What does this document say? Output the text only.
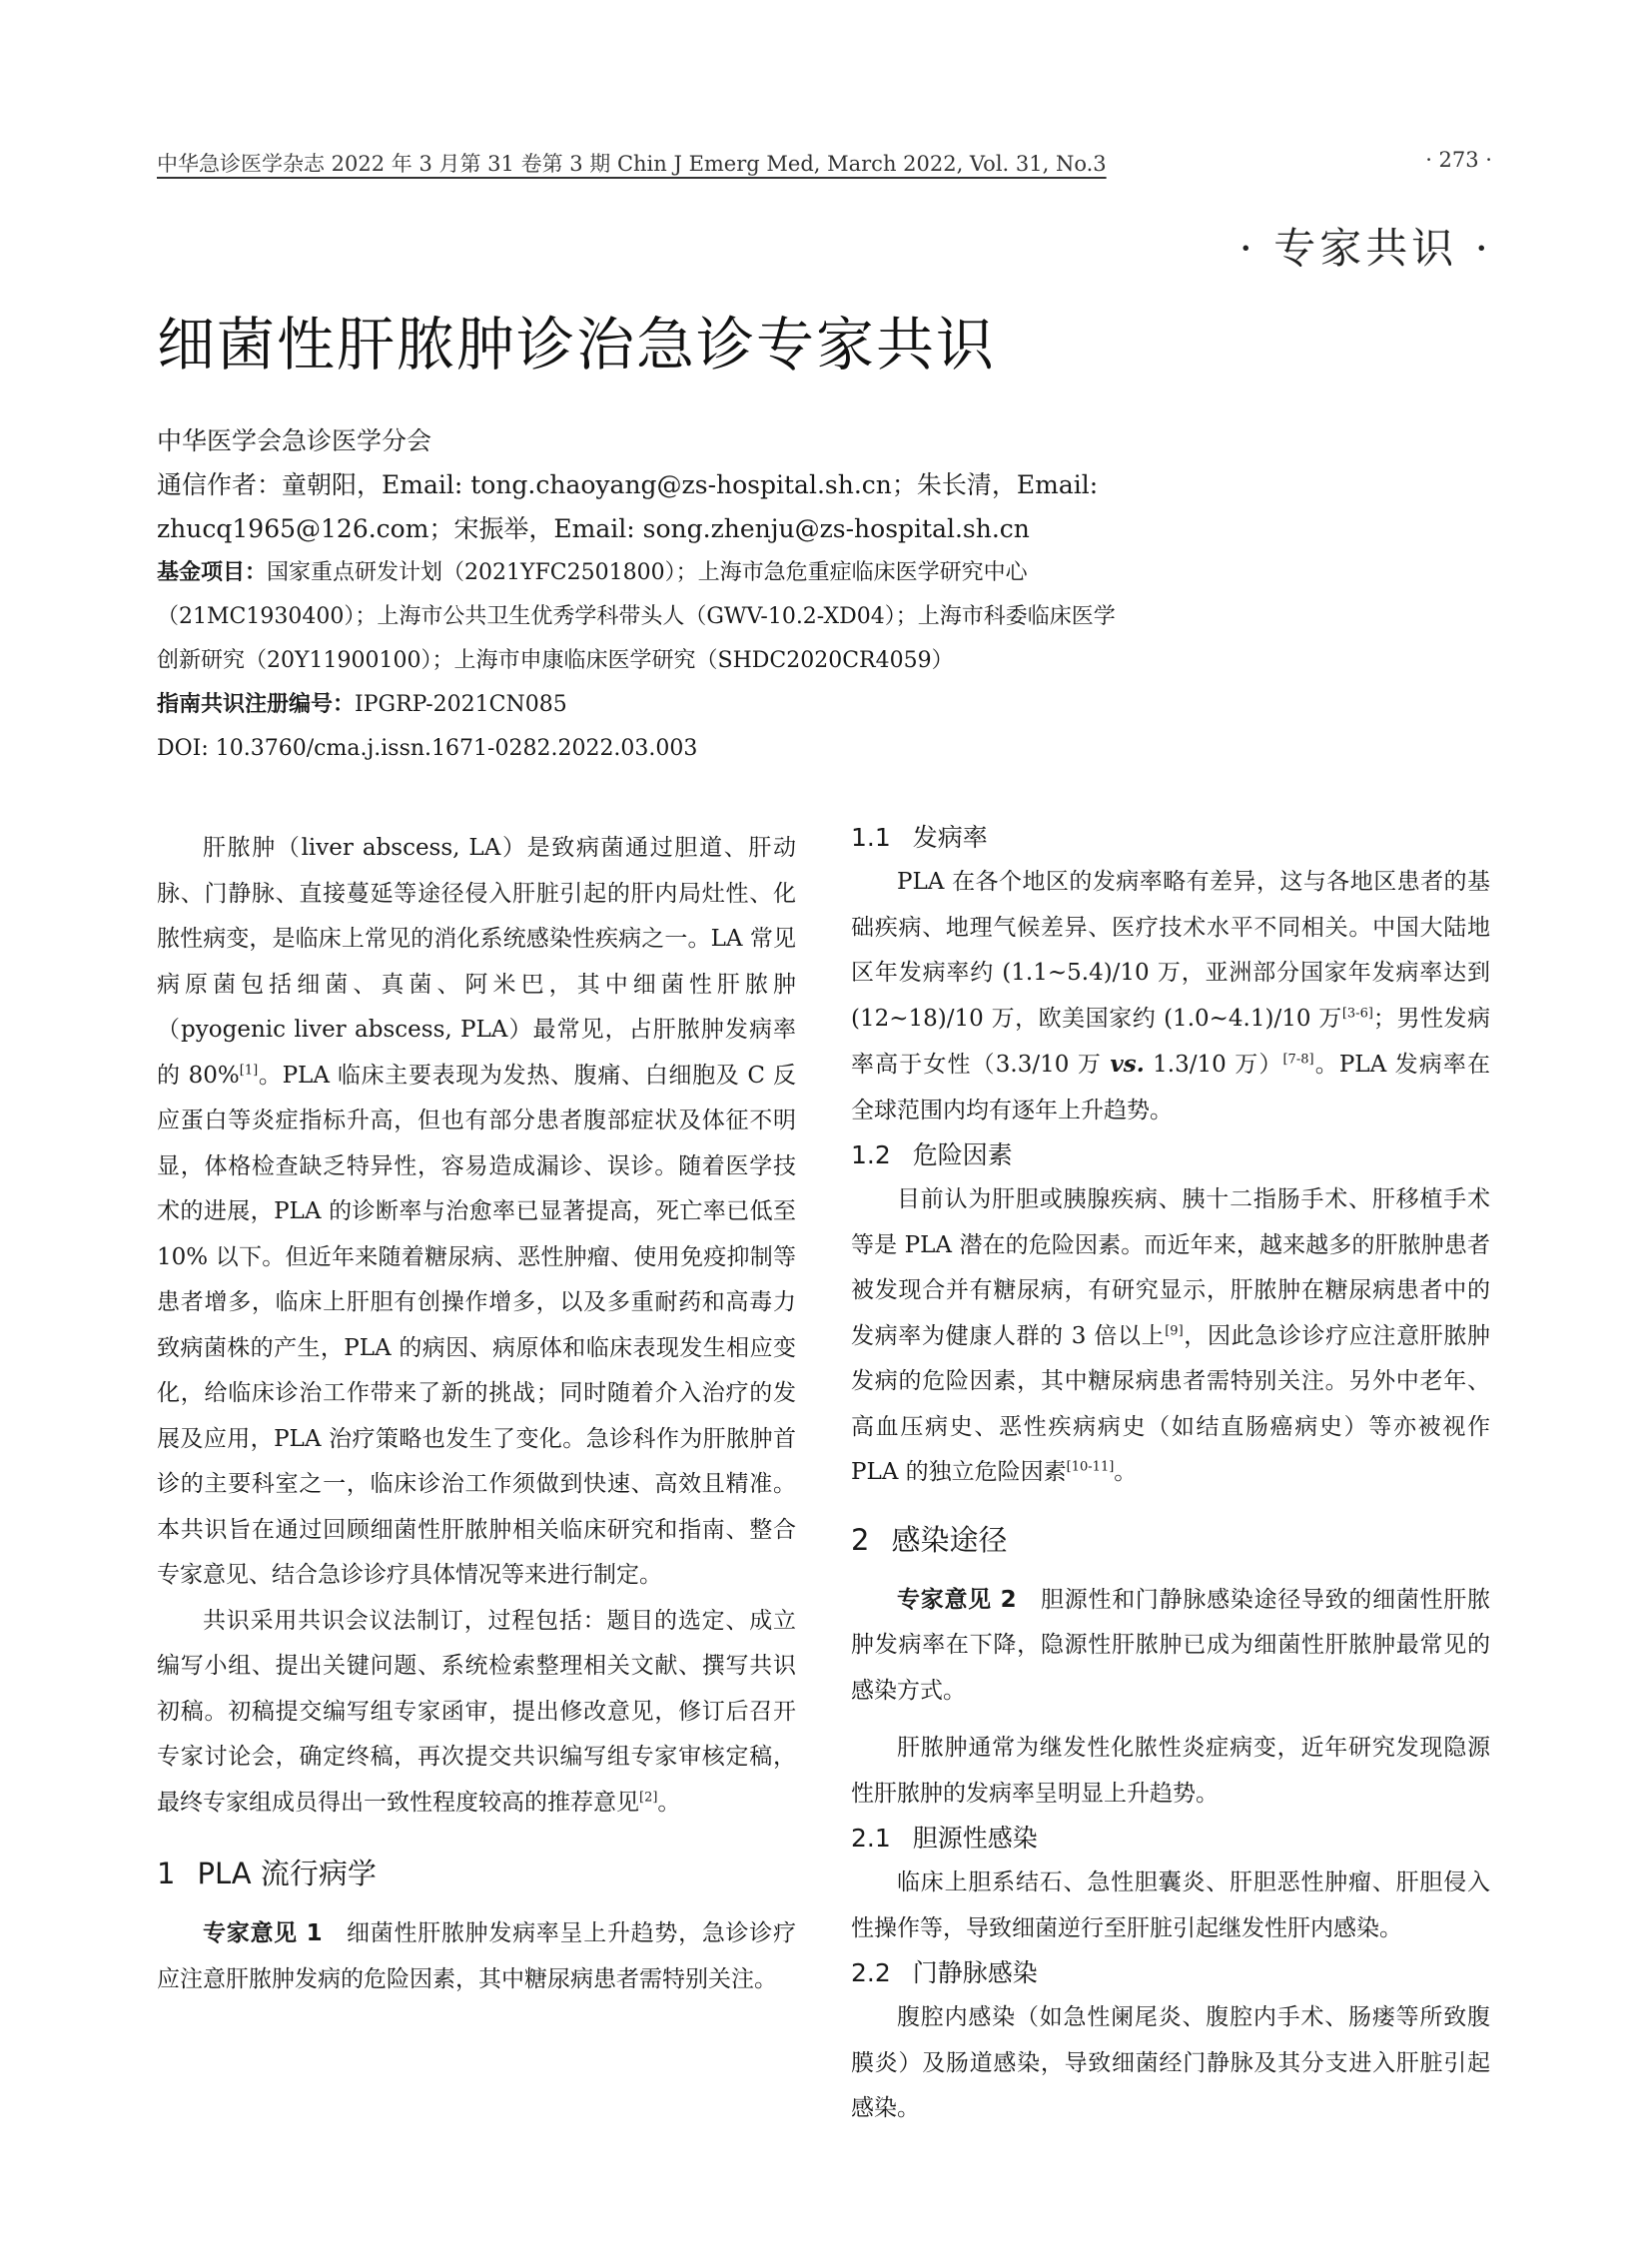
中华急诊医学杂志 2022 年 3 月第 31 卷第 3 期 Chin J Emerg Med, March 2022, Vol. 31, No.3	· 273 ·
· 专家共识 ·
细菌性肝脓肿诊治急诊专家共识
中华医学会急诊医学分会
通信作者：童朝阳，Email: tong.chaoyang@zs-hospital.sh.cn；朱长清，Email:
zhucq1965@126.com；宋振举，Email: song.zhenju@zs-hospital.sh.cn
基金项目：国家重点研发计划（2021YFC2501800）；上海市急危重症临床医学研究中心
（21MC1930400）；上海市公共卫生优秀学科带头人（GWV-10.2-XD04）；上海市科委临床医学
创新研究（20Y11900100）；上海市申康临床医学研究（SHDC2020CR4059）
指南共识注册编号：IPGRP-2021CN085
DOI: 10.3760/cma.j.issn.1671-0282.2022.03.003

肝脓肿（liver abscess, LA）是致病菌通过胆道、肝动脉、门静脉、直接蔓延等途径侵入肝脏引起的肝内局灶性、化脓性病变，是临床上常见的消化系统感染性疾病之一。LA 常见病原菌包括细菌、真菌、阿米巴，其中细菌性肝脓肿（pyogenic liver abscess, PLA）最常见，占肝脓肿发病率的 80%[1]。PLA 临床主要表现为发热、腹痛、白细胞及 C 反应蛋白等炎症指标升高，但也有部分患者腹部症状及体征不明显，体格检查缺乏特异性，容易造成漏诊、误诊。随着医学技术的进展，PLA 的诊断率与治愈率已显著提高，死亡率已低至 10% 以下。但近年来随着糖尿病、恶性肿瘤、使用免疫抑制等患者增多，临床上肝胆有创操作增多，以及多重耐药和高毒力致病菌株的产生，PLA 的病因、病原体和临床表现发生相应变化，给临床诊治工作带来了新的挑战；同时随着介入治疗的发展及应用，PLA 治疗策略也发生了变化。急诊科作为肝脓肿首诊的主要科室之一，临床诊治工作须做到快速、高效且精准。本共识旨在通过回顾细菌性肝脓肿相关临床研究和指南、整合专家意见、结合急诊诊疗具体情况等来进行制定。

共识采用共识会议法制订，过程包括：题目的选定、成立编写小组、提出关键问题、系统检索整理相关文献、撰写共识初稿。初稿提交编写组专家函审，提出修改意见，修订后召开专家讨论会，确定终稿，再次提交共识编写组专家审核定稿，最终专家组成员得出一致性程度较高的推荐意见[2]。

1 PLA 流行病学

专家意见 1　细菌性肝脓肿发病率呈上升趋势，急诊诊疗应注意肝脓肿发病的危险因素，其中糖尿病患者需特别关注。

1.1 发病率

PLA 在各个地区的发病率略有差异，这与各地区患者的基础疾病、地理气候差异、医疗技术水平不同相关。中国大陆地区年发病率约 (1.1~5.4)/10 万，亚洲部分国家年发病率达到 (12~18)/10 万，欧美国家约 (1.0~4.1)/10 万[3-6]；男性发病率高于女性（3.3/10 万 vs. 1.3/10 万）[7-8]。PLA 发病率在全球范围内均有逐年上升趋势。

1.2 危险因素

目前认为肝胆或胰腺疾病、胰十二指肠手术、肝移植手术等是 PLA 潜在的危险因素。而近年来，越来越多的肝脓肿患者被发现合并有糖尿病，有研究显示，肝脓肿在糖尿病患者中的发病率为健康人群的 3 倍以上[9]，因此急诊诊疗应注意肝脓肿发病的危险因素，其中糖尿病患者需特别关注。另外中老年、高血压病史、恶性疾病病史（如结直肠癌病史）等亦被视作 PLA 的独立危险因素[10-11]。

2 感染途径

专家意见 2　胆源性和门静脉感染途径导致的细菌性肝脓肿发病率在下降，隐源性肝脓肿已成为细菌性肝脓肿最常见的感染方式。

肝脓肿通常为继发性化脓性炎症病变，近年研究发现隐源性肝脓肿的发病率呈明显上升趋势。

2.1 胆源性感染

临床上胆系结石、急性胆囊炎、肝胆恶性肿瘤、肝胆侵入性操作等，导致细菌逆行至肝脏引起继发性肝内感染。

2.2 门静脉感染

腹腔内感染（如急性阑尾炎、腹腔内手术、肠瘘等所致腹膜炎）及肠道感染，导致细菌经门静脉及其分支进入肝脏引起感染。
